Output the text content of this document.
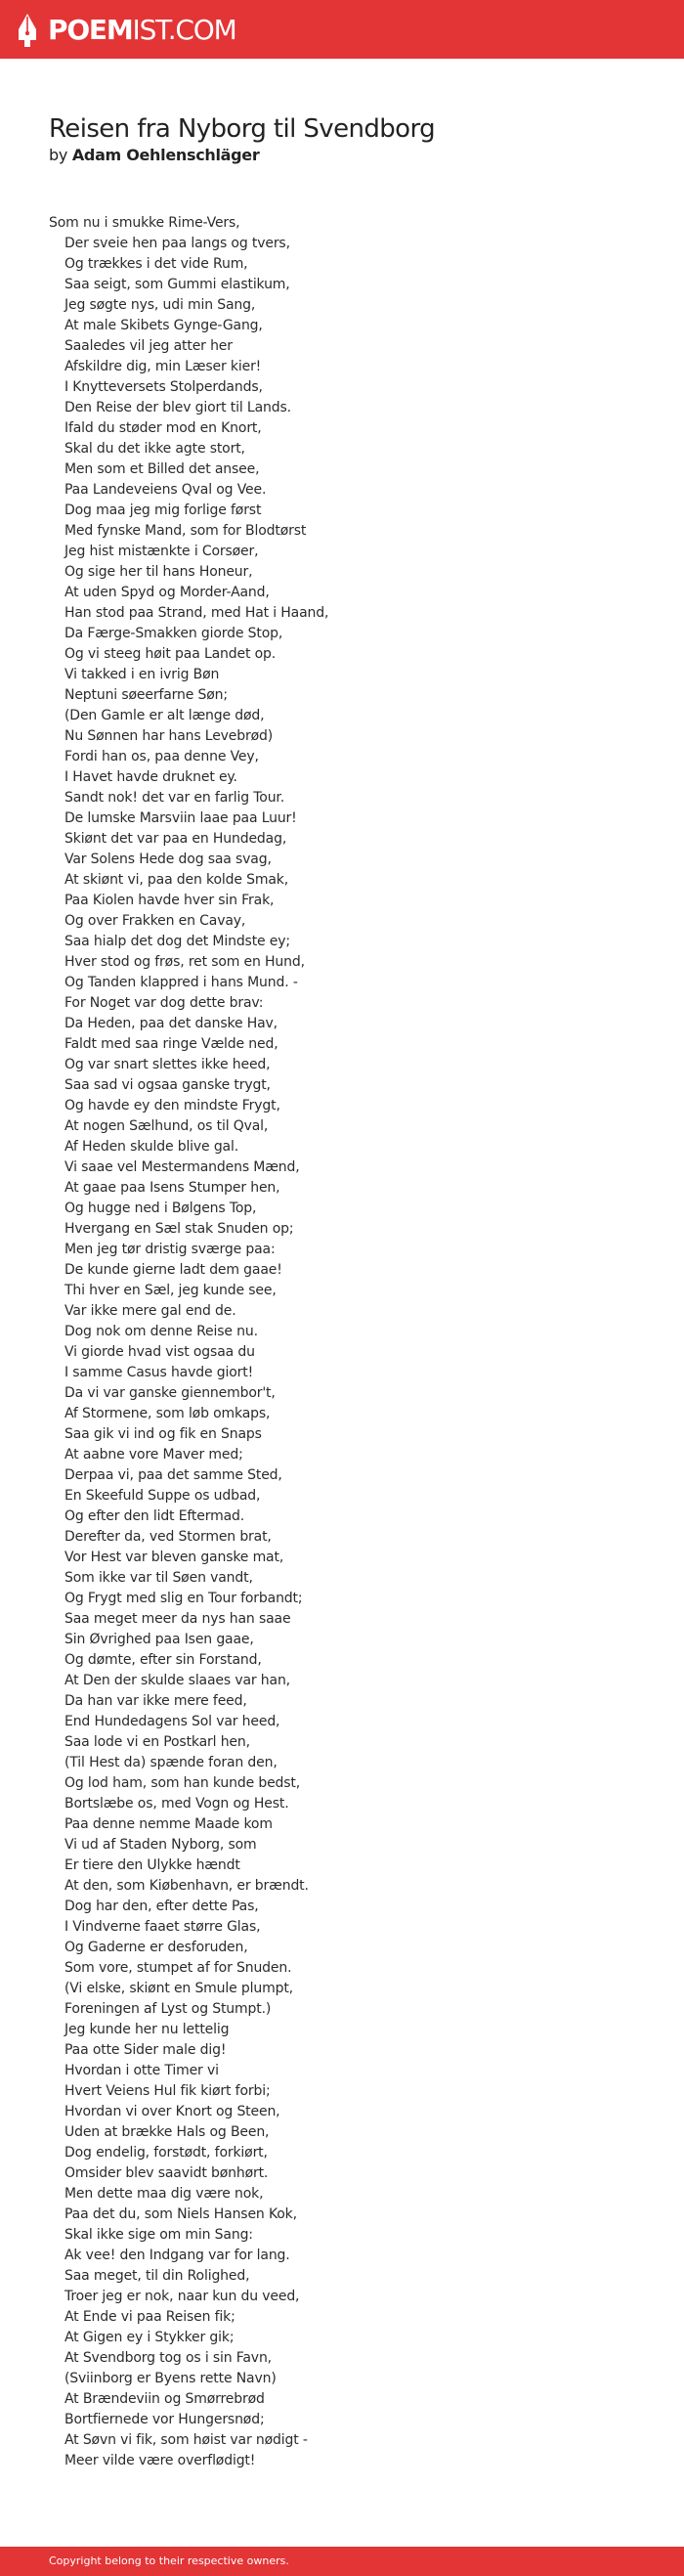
POEMIST.COM
Reisen fra Nyborg til Svendborg
by Adam Oehlenschläger
Som nu i smukke Rime-Vers,
Der sveie hen paa langs og tvers,
Og trækkes i det vide Rum,
Saa seigt, som Gummi elastikum,
Jeg søgte nys, udi min Sang,
At male Skibets Gynge-Gang,
Saaledes vil jeg atter her
Afskildre dig, min Læser kier!
I Knytteversets Stolperdands,
Den Reise der blev giort til Lands.
Ifald du støder mod en Knort,
Skal du det ikke agte stort,
Men som et Billed det ansee,
Paa Landeveiens Qval og Vee.
Dog maa jeg mig forlige først
Med fynske Mand, som for Blodtørst
Jeg hist mistænkte i Corsøer,
Og sige her til hans Honeur,
At uden Spyd og Morder-Aand,
Han stod paa Strand, med Hat i Haand,
Da Færge-Smakken giorde Stop,
Og vi steeg høit paa Landet op.
Vi takked i en ivrig Bøn
Neptuni søeerfarne Søn;
(Den Gamle er alt længe død,
Nu Sønnen har hans Levebrød)
Fordi han os, paa denne Vey,
I Havet havde druknet ey.
Sandt nok! det var en farlig Tour.
De lumske Marsviin laae paa Luur!
Skiønt det var paa en Hundedag,
Var Solens Hede dog saa svag,
At skiønt vi, paa den kolde Smak,
Paa Kiolen havde hver sin Frak,
Og over Frakken en Cavay,
Saa hialp det dog det Mindste ey;
Hver stod og frøs, ret som en Hund,
Og Tanden klappred i hans Mund. -
For Noget var dog dette brav:
Da Heden, paa det danske Hav,
Faldt med saa ringe Vælde ned,
Og var snart slettes ikke heed,
Saa sad vi ogsaa ganske trygt,
Og havde ey den mindste Frygt,
At nogen Sælhund, os til Qval,
Af Heden skulde blive gal.
Vi saae vel Mestermandens Mænd,
At gaae paa Isens Stumper hen,
Og hugge ned i Bølgens Top,
Hvergang en Sæl stak Snuden op;
Men jeg tør dristig sværge paa:
De kunde gierne ladt dem gaae!
Thi hver en Sæl, jeg kunde see,
Var ikke mere gal end de.
Dog nok om denne Reise nu.
Vi giorde hvad vist ogsaa du
I samme Casus havde giort!
Da vi var ganske giennembor't,
Af Stormene, som løb omkaps,
Saa gik vi ind og fik en Snaps
At aabne vore Maver med;
Derpaa vi, paa det samme Sted,
En Skeefuld Suppe os udbad,
Og efter den lidt Eftermad.
Derefter da, ved Stormen brat,
Vor Hest var bleven ganske mat,
Som ikke var til Søen vandt,
Og Frygt med slig en Tour forbandt;
Saa meget meer da nys han saae
Sin Øvrighed paa Isen gaae,
Og dømte, efter sin Forstand,
At Den der skulde slaaes var han,
Da han var ikke mere feed,
End Hundedagens Sol var heed,
Saa lode vi en Postkarl hen,
(Til Hest da) spænde foran den,
Og lod ham, som han kunde bedst,
Bortslæbe os, med Vogn og Hest.
Paa denne nemme Maade kom
Vi ud af Staden Nyborg, som
Er tiere den Ulykke hændt
At den, som Kiøbenhavn, er brændt.
Dog har den, efter dette Pas,
I Vindverne faaet større Glas,
Og Gaderne er desforuden,
Som vore, stumpet af for Snuden.
(Vi elske, skiønt en Smule plumpt,
Foreningen af Lyst og Stumpt.)
Jeg kunde her nu lettelig
Paa otte Sider male dig!
Hvordan i otte Timer vi
Hvert Veiens Hul fik kiørt forbi;
Hvordan vi over Knort og Steen,
Uden at brække Hals og Been,
Dog endelig, forstødt, forkiørt,
Omsider blev saavidt bønhørt.
Men dette maa dig være nok,
Paa det du, som Niels Hansen Kok,
Skal ikke sige om min Sang:
Ak vee! den Indgang var for lang.
Saa meget, til din Rolighed,
Troer jeg er nok, naar kun du veed,
At Ende vi paa Reisen fik;
At Gigen ey i Stykker gik;
At Svendborg tog os i sin Favn,
(Sviinborg er Byens rette Navn)
At Brændeviin og Smørrebrød
Bortfiernede vor Hungersnød;
At Søvn vi fik, som høist var nødigt -
Meer vilde være overflødigt!
Copyright belong to their respective owners.
